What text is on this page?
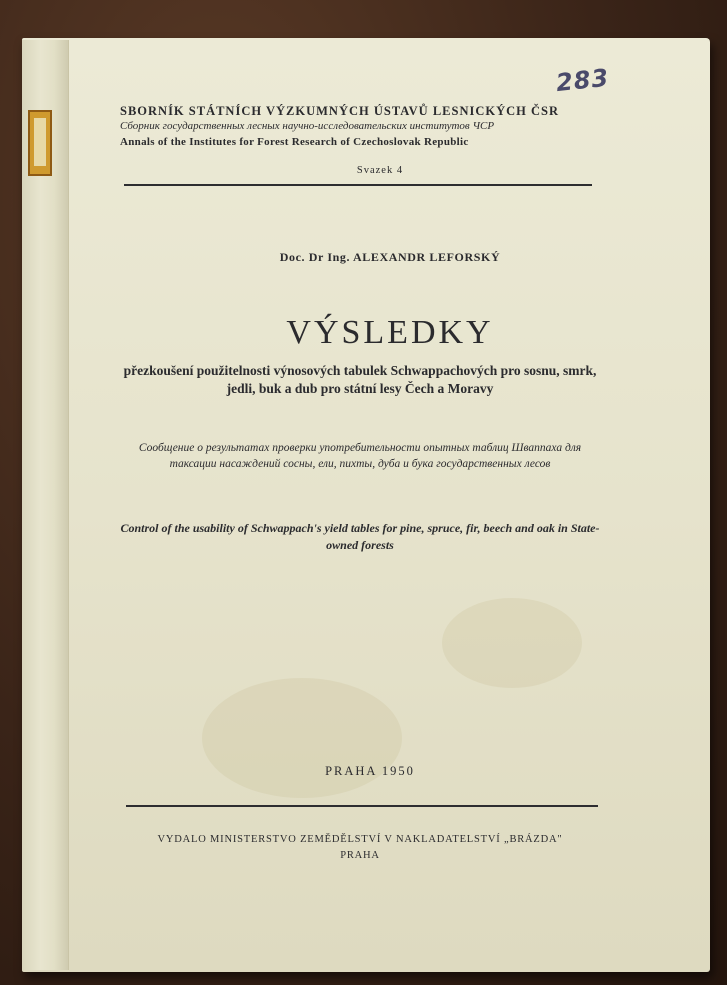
283
SBORNÍK STÁTNÍCH VÝZKUMNÝCH ÚSTAVŮ LESNICKÝCH ČSR
Сборник государственных лесных научно-исследовательских институтов ЧСР
Annals of the Institutes for Forest Research of Czechoslovak Republic
Svazek 4
Doc. Dr Ing. ALEXANDR LEFORSKÝ
VÝSLEDKY
přezkoušení použitelnosti výnosových tabulek Schwappachových pro sosnu, smrk, jedli, buk a dub pro státní lesy Čech a Moravy
Сообщение о результатах проверки употребительности опытных таблиц Шваппаха для таксации насаждений сосны, ели, пихты, дуба и бука государственных лесов
Control of the usability of Schwappach's yield tables for pine, spruce, fir, beech and oak in State-owned forests
PRAHA 1950
VYDALO MINISTERSTVO ZEMĚDĚLSTVÍ V NAKLADATELSTVÍ „BRÁZDA"
PRAHA
